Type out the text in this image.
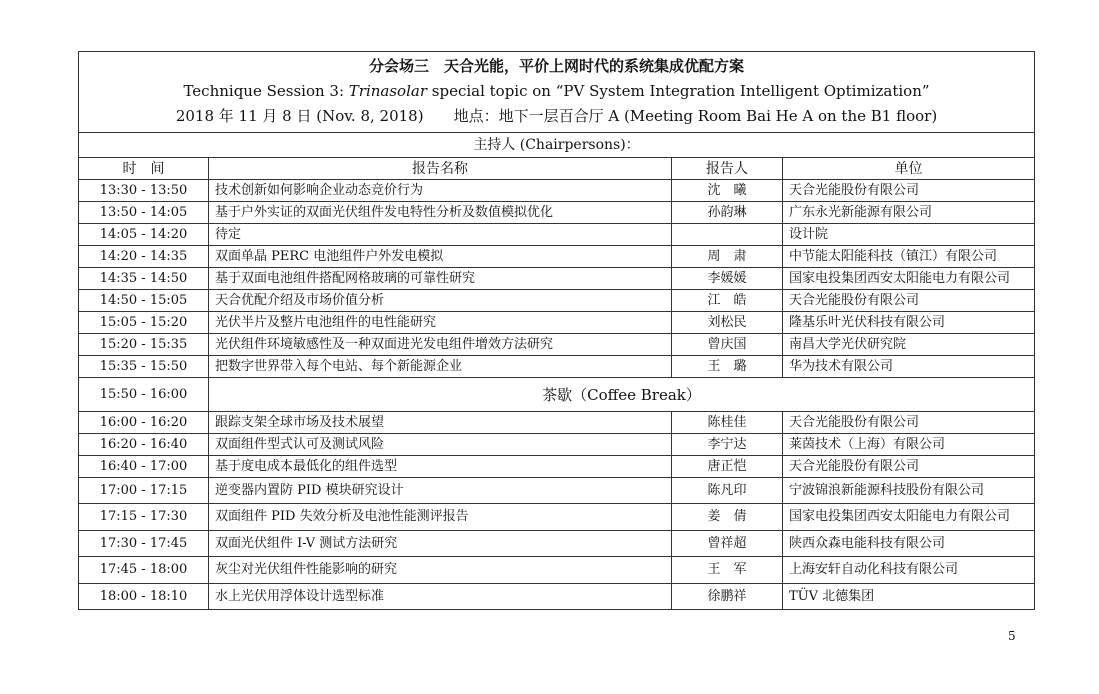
分会场三　天合光能，平价上网时代的系统集成优配方案
Technique Session 3: Trinasolar special topic on “PV System Integration Intelligent Optimization”
2018 年 11 月 8 日 (Nov. 8, 2018)　　地点：地下一层百合厅 A (Meeting Room Bai He A on the B1 floor)			

主持人 (Chairpersons)：			
时　间	报告名称	报告人	单位
13:30 - 13:50	技术创新如何影响企业动态竞价行为	沈　曦	天合光能股份有限公司
13:50 - 14:05	基于户外实证的双面光伏组件发电特性分析及数值模拟优化	孙韵琳	广东永光新能源有限公司
14:05 - 14:20	待定		设计院
14:20 - 14:35	双面单晶 PERC 电池组件户外发电模拟	周　肃	中节能太阳能科技（镇江）有限公司
14:35 - 14:50	基于双面电池组件搭配网格玻璃的可靠性研究	李媛媛	国家电投集团西安太阳能电力有限公司
14:50 - 15:05	天合优配介绍及市场价值分析	江　皓	天合光能股份有限公司
15:05 - 15:20	光伏半片及整片电池组件的电性能研究	刘松民	隆基乐叶光伏科技有限公司
15:20 - 15:35	光伏组件环境敏感性及一种双面进光发电组件增效方法研究	曾庆国	南昌大学光伏研究院
15:35 - 15:50	把数字世界带入每个电站、每个新能源企业	王　璐	华为技术有限公司
15:50 - 16:00	茶歇（Coffee Break）		
16:00 - 16:20	跟踪支架全球市场及技术展望	陈桂佳	天合光能股份有限公司
16:20 - 16:40	双面组件型式认可及测试风险	李宁达	莱茵技术（上海）有限公司
16:40 - 17:00	基于度电成本最低化的组件选型	唐正恺	天合光能股份有限公司
17:00 - 17:15	逆变器内置防 PID 模块研究设计	陈凡印	宁波锦浪新能源科技股份有限公司
17:15 - 17:30	双面组件 PID 失效分析及电池性能测评报告	姜　倩	国家电投集团西安太阳能电力有限公司
17:30 - 17:45	双面光伏组件 I-V 测试方法研究	曾祥超	陕西众森电能科技有限公司
17:45 - 18:00	灰尘对光伏组件性能影响的研究	王　军	上海安轩自动化科技有限公司
18:00 - 18:10	水上光伏用浮体设计选型标准	徐鹏祥	TÜV 北德集团
5
